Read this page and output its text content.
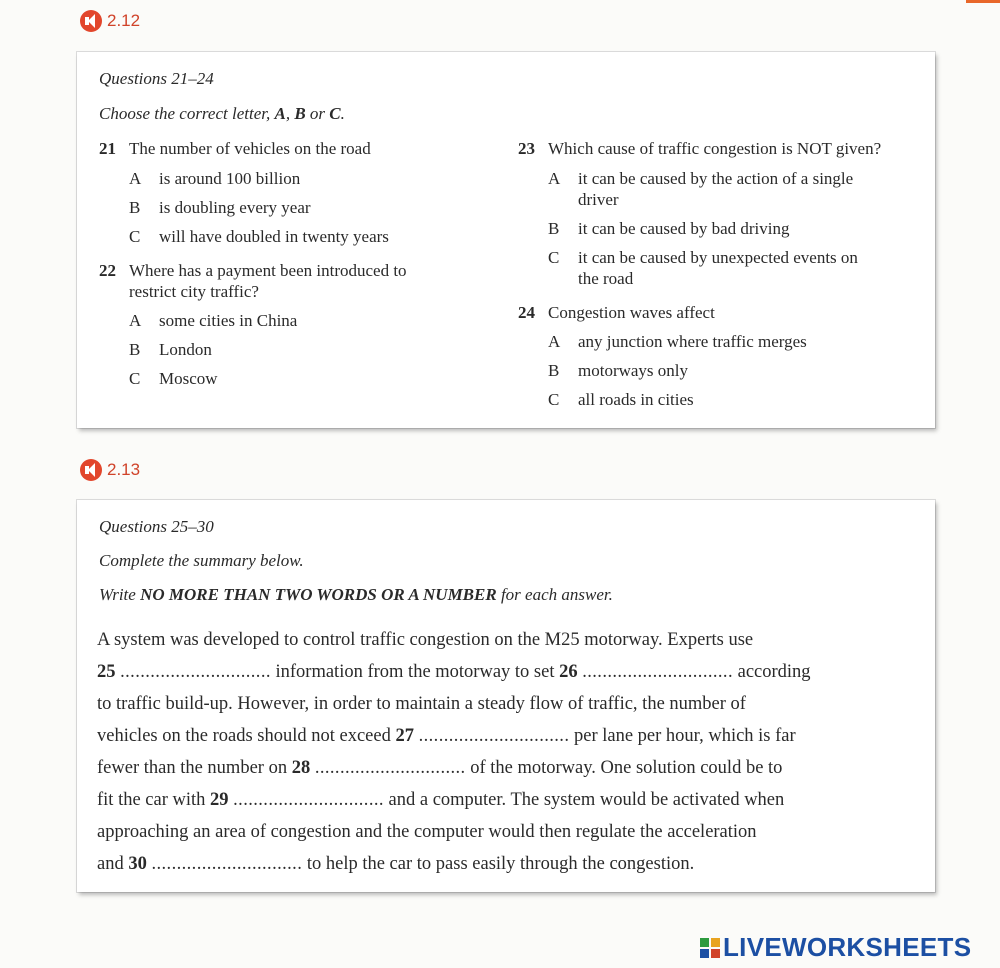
2.12
Questions 21–24
Choose the correct letter, A, B or C.
21 The number of vehicles on the road
A is around 100 billion
B is doubling every year
C will have doubled in twenty years
22 Where has a payment been introduced to
restrict city traffic?
A some cities in China
B London
C Moscow
23 Which cause of traffic congestion is NOT given?
A it can be caused by the action of a single
driver
B it can be caused by bad driving
C it can be caused by unexpected events on
the road
24 Congestion waves affect
A any junction where traffic merges
B motorways only
C all roads in cities
2.13
Questions 25–30
Complete the summary below.
Write NO MORE THAN TWO WORDS OR A NUMBER for each answer.
A system was developed to control traffic congestion on the M25 motorway. Experts use
25 .............................. information from the motorway to set 26 .............................. according
to traffic build-up. However, in order to maintain a steady flow of traffic, the number of
vehicles on the roads should not exceed 27 .............................. per lane per hour, which is far
fewer than the number on 28 .............................. of the motorway. One solution could be to
fit the car with 29 .............................. and a computer. The system would be activated when
approaching an area of congestion and the computer would then regulate the acceleration
and 30 .............................. to help the car to pass easily through the congestion.
LIVEWORKSHEETS
